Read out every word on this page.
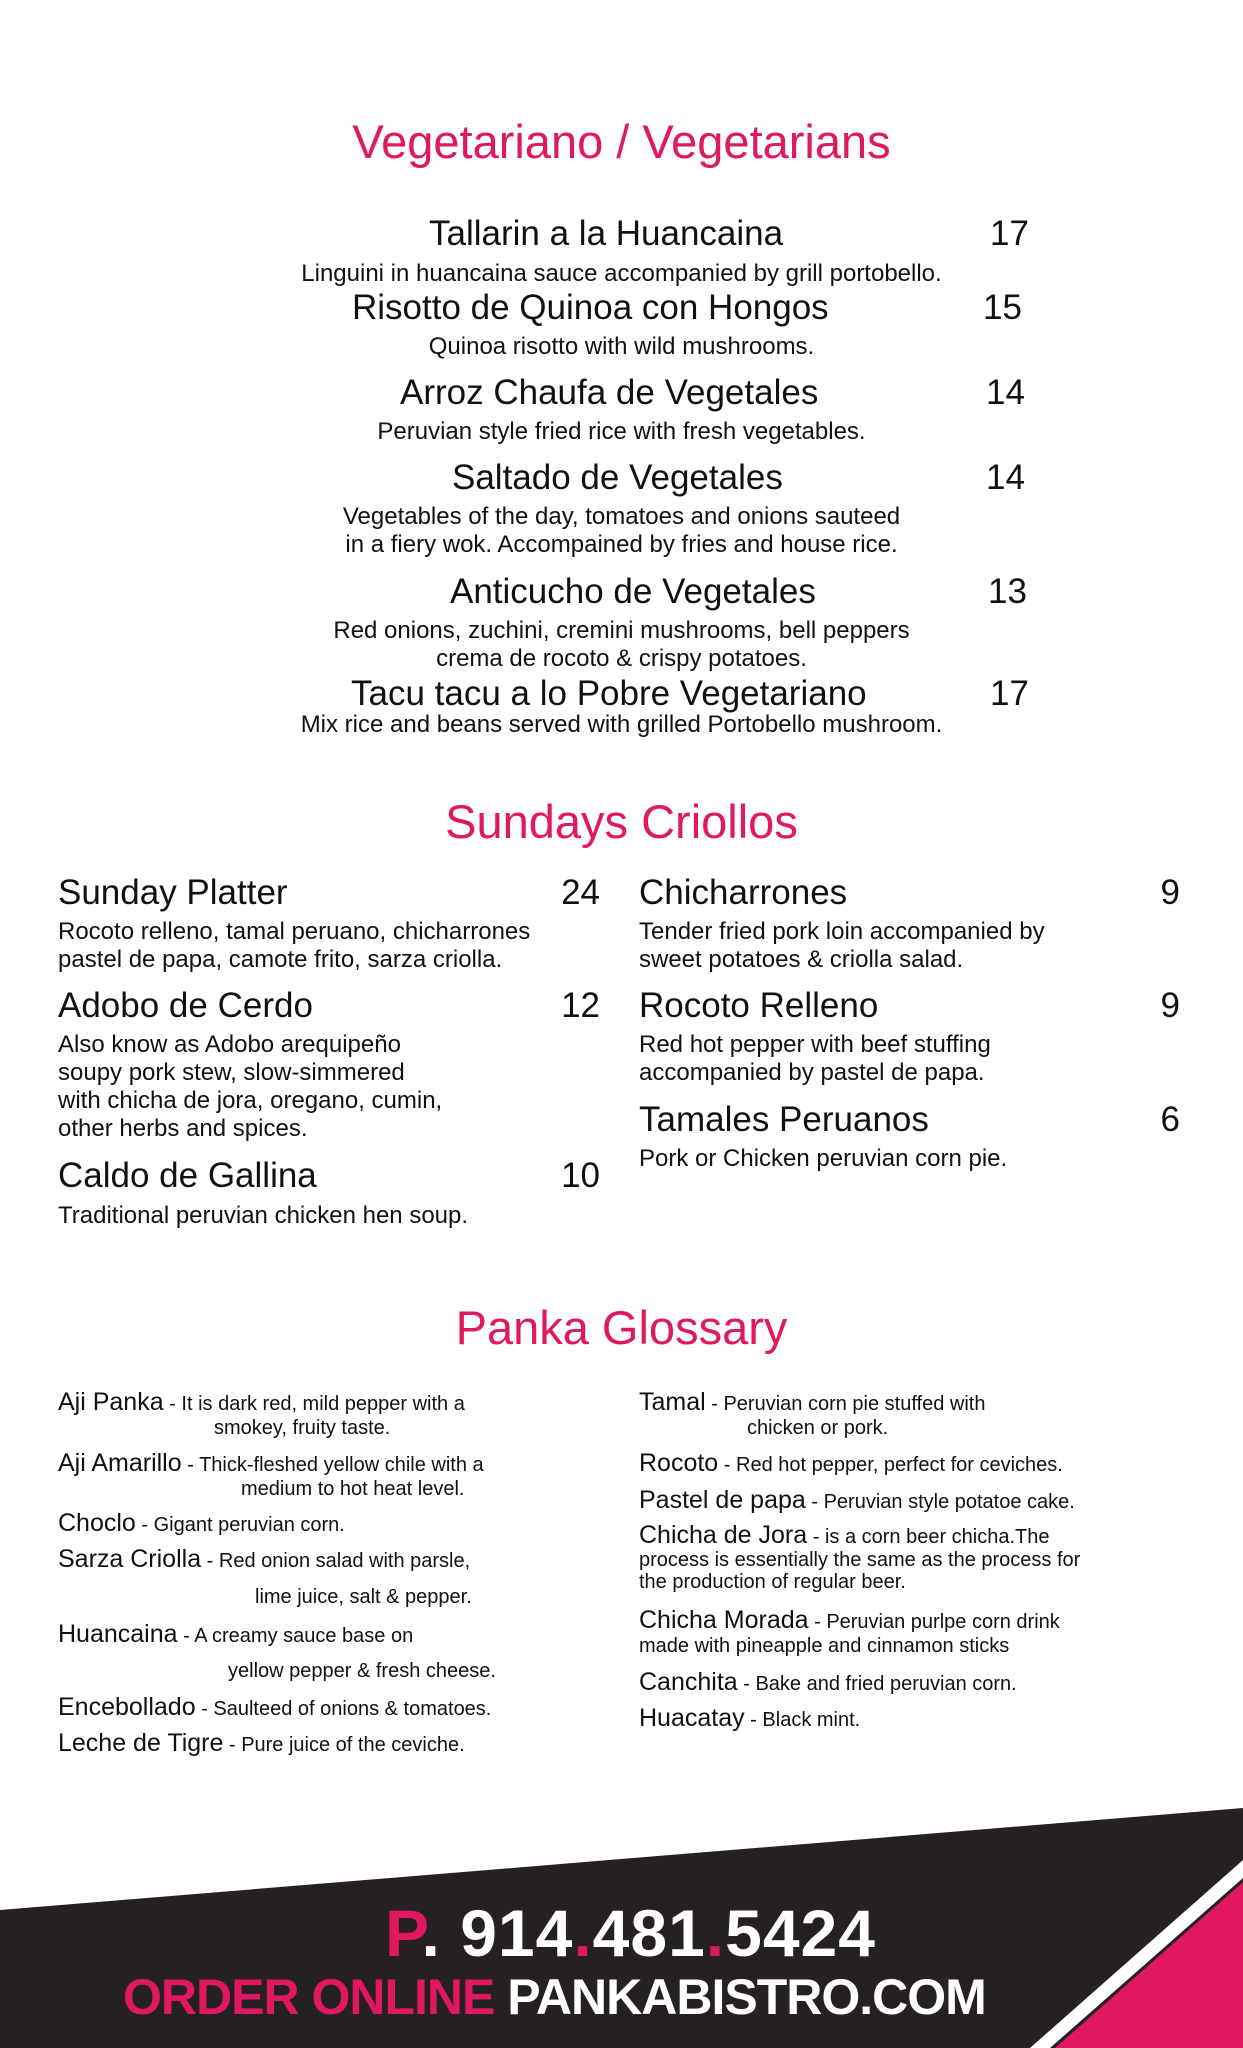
Vegetariano / Vegetarians
Tallarin a la Huancaina	17
Linguini in huancaina sauce accompanied by grill portobello.
Risotto de Quinoa con Hongos	15
Quinoa risotto with wild mushrooms.
Arroz Chaufa de Vegetales	14
Peruvian style fried rice with fresh vegetables.
Saltado de Vegetales	14
Vegetables of the day, tomatoes and onions sauteed
in a fiery wok. Accompained by fries and house rice.
Anticucho de Vegetales	13
Red onions, zuchini, cremini mushrooms, bell peppers
crema de rocoto & crispy potatoes.
Tacu tacu a lo Pobre Vegetariano	17
Mix rice and beans served with grilled Portobello mushroom.
Sundays Criollos
Sunday Platter	24
Rocoto relleno, tamal peruano, chicharrones
pastel de papa, camote frito, sarza criolla.
Adobo de Cerdo	12
Also know as Adobo arequipeño
soupy pork stew, slow-simmered
with chicha de jora, oregano, cumin,
other herbs and spices.
Caldo de Gallina	10
Traditional peruvian chicken hen soup.
Chicharrones	9
Tender fried pork loin accompanied by
sweet potatoes & criolla salad.
Rocoto Relleno	9
Red hot pepper with beef stuffing
accompanied by pastel de papa.
Tamales Peruanos	6
Pork or Chicken peruvian corn pie.
Panka Glossary
Aji Panka - It is dark red, mild pepper with a
smokey, fruity taste.
Aji Amarillo - Thick-fleshed yellow chile with a
medium to hot heat level.
Choclo - Gigant peruvian corn.
Sarza Criolla - Red onion salad with parsle,
lime juice, salt & pepper.
Huancaina - A creamy sauce base on
yellow pepper & fresh cheese.
Encebollado - Saulteed of onions & tomatoes.
Leche de Tigre - Pure juice of the ceviche.
Tamal - Peruvian corn pie stuffed with
chicken or pork.
Rocoto - Red hot pepper, perfect for ceviches.
Pastel de papa - Peruvian style potatoe cake.
Chicha de Jora - is a corn beer chicha.The
process is essentially the same as the process for
the production of regular beer.
Chicha Morada - Peruvian purlpe corn drink
made with pineapple and cinnamon sticks
Canchita - Bake and fried peruvian corn.
Huacatay - Black mint.
P. 914.481.5424
ORDER ONLINE PANKABISTRO.COM
